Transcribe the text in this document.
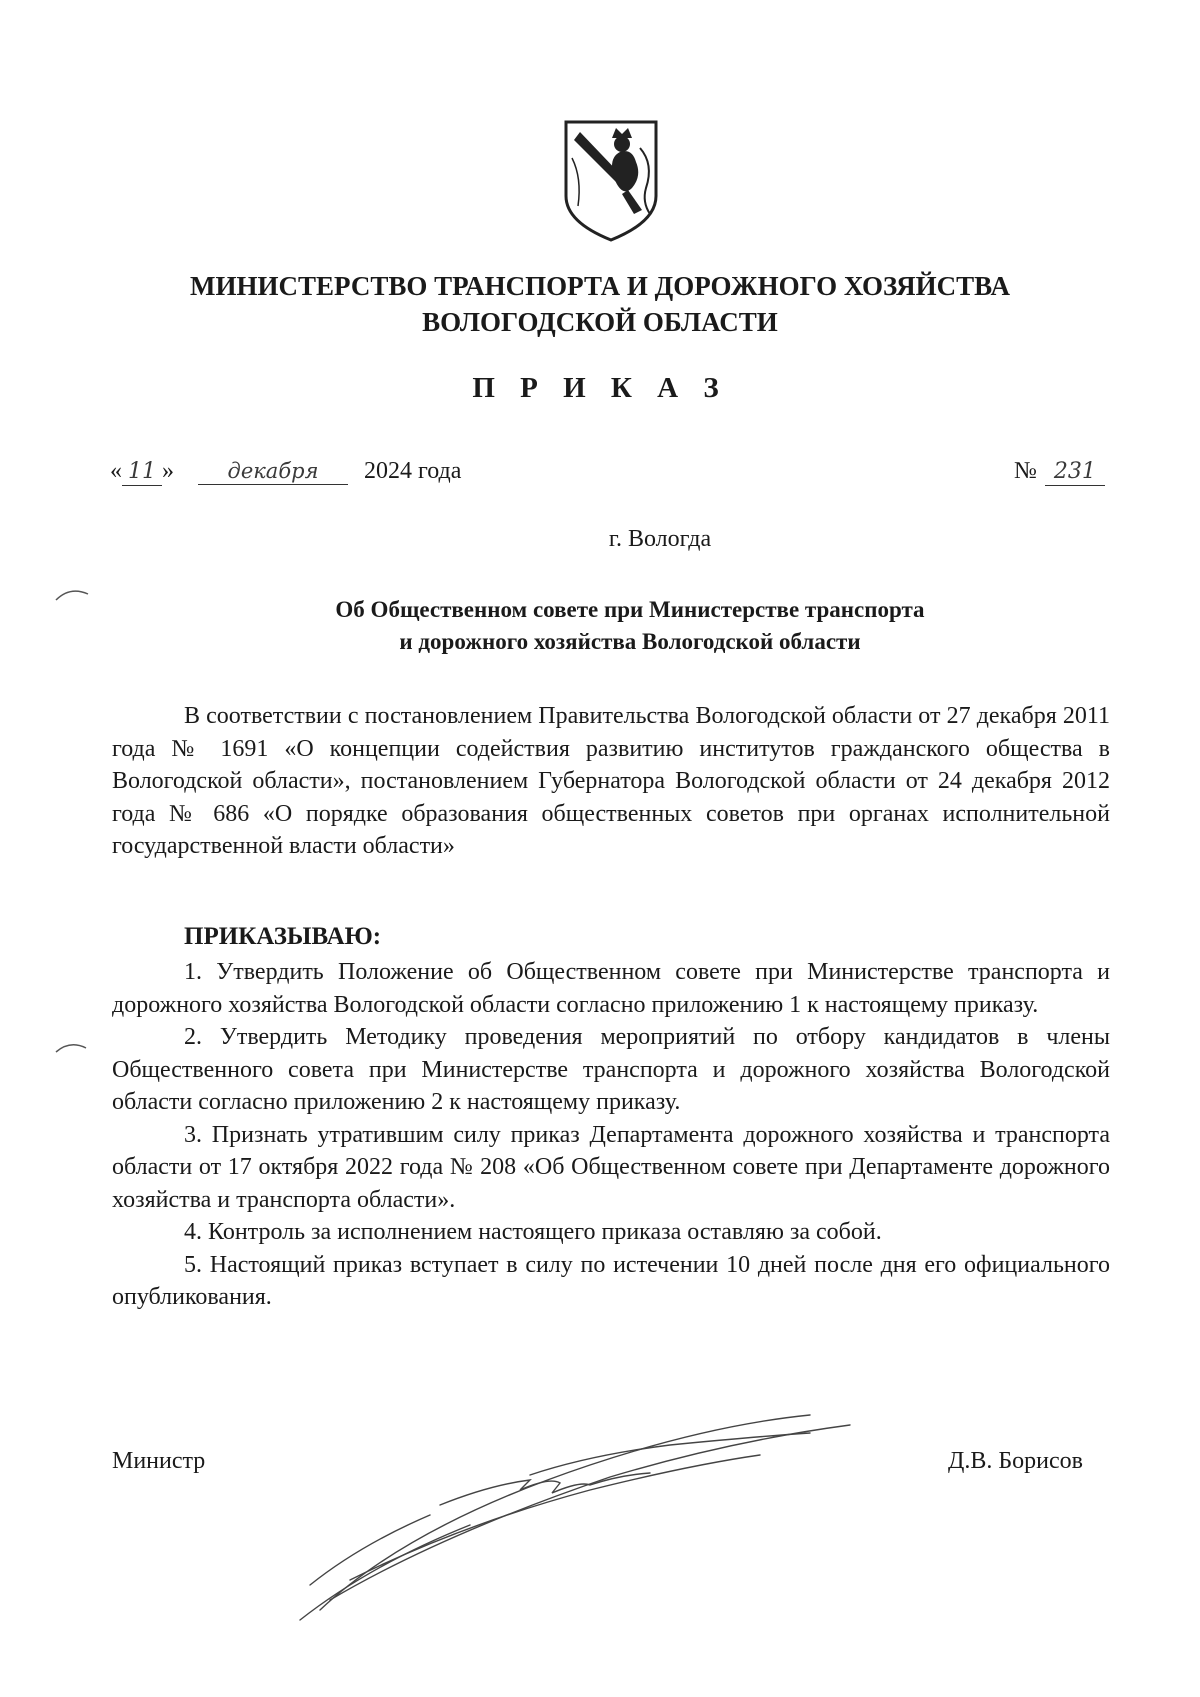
МИНИСТЕРСТВО ТРАНСПОРТА И ДОРОЖНОГО ХОЗЯЙСТВА
ВОЛОГОДСКОЙ ОБЛАСТИ
П Р И К А З
« 11 »	декабря 2024 года	№ 231
г. Вологда
Об Общественном совете при Министерстве транспорта
и дорожного хозяйства Вологодской области

В соответствии с постановлением Правительства Вологодской области от 27 декабря 2011 года № 1691 «О концепции содействия развитию институтов гражданского общества в Вологодской области», постановлением Губернатора Вологодской области от 24 декабря 2012 года № 686 «О порядке образования общественных советов при органах исполнительной государственной власти области»

ПРИКАЗЫВАЮ:

1. Утвердить Положение об Общественном совете при Министерстве транспорта и дорожного хозяйства Вологодской области согласно приложению 1 к настоящему приказу.

2. Утвердить Методику проведения мероприятий по отбору кандидатов в члены Общественного совета при Министерстве транспорта и дорожного хозяйства Вологодской области согласно приложению 2 к настоящему приказу.

3. Признать утратившим силу приказ Департамента дорожного хозяйства и транспорта области от 17 октября 2022 года № 208 «Об Общественном совете при Департаменте дорожного хозяйства и транспорта области».

4. Контроль за исполнением настоящего приказа оставляю за собой.

5. Настоящий приказ вступает в силу по истечении 10 дней после дня его официального опубликования.

Министр	Д.В. Борисов
